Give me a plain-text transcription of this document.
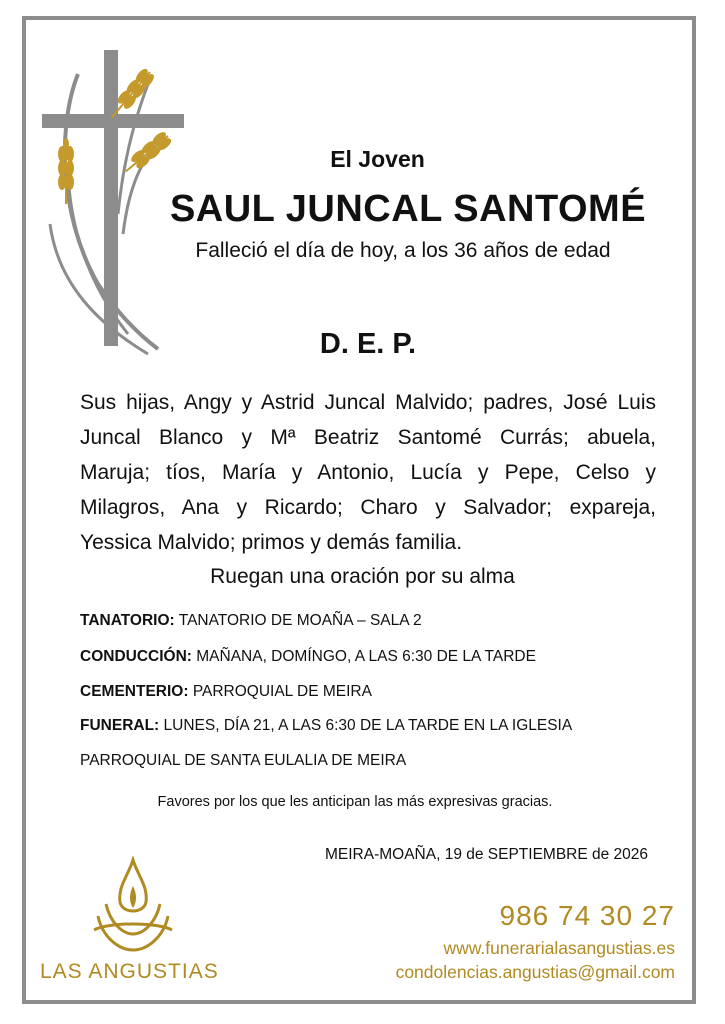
El Joven
SAUL JUNCAL SANTOMÉ
Falleció el día de hoy, a los 36 años de edad
D. E. P.
Sus hijas, Angy y Astrid Juncal Malvido; padres, José Luis
Juncal Blanco y Mª Beatriz Santomé Currás; abuela,
Maruja; tíos, María y Antonio, Lucía y Pepe, Celso y
Milagros, Ana y Ricardo; Charo y Salvador; expareja,
Yessica Malvido; primos y demás familia.
Ruegan una oración por su alma
TANATORIO: TANATORIO DE MOAÑA – SALA 2
CONDUCCIÓN: MAÑANA, DOMÍNGO, A LAS 6:30 DE LA TARDE
CEMENTERIO: PARROQUIAL DE MEIRA
FUNERAL: LUNES, DÍA 21, A LAS 6:30 DE LA TARDE EN LA IGLESIA
PARROQUIAL DE SANTA EULALIA DE MEIRA
Favores por los que les anticipan las más expresivas gracias.
MEIRA-MOAÑA, 19 de SEPTIEMBRE de 2026
LAS ANGUSTIAS
986 74 30 27
www.funerarialasangustias.es
condolencias.angustias@gmail.com
